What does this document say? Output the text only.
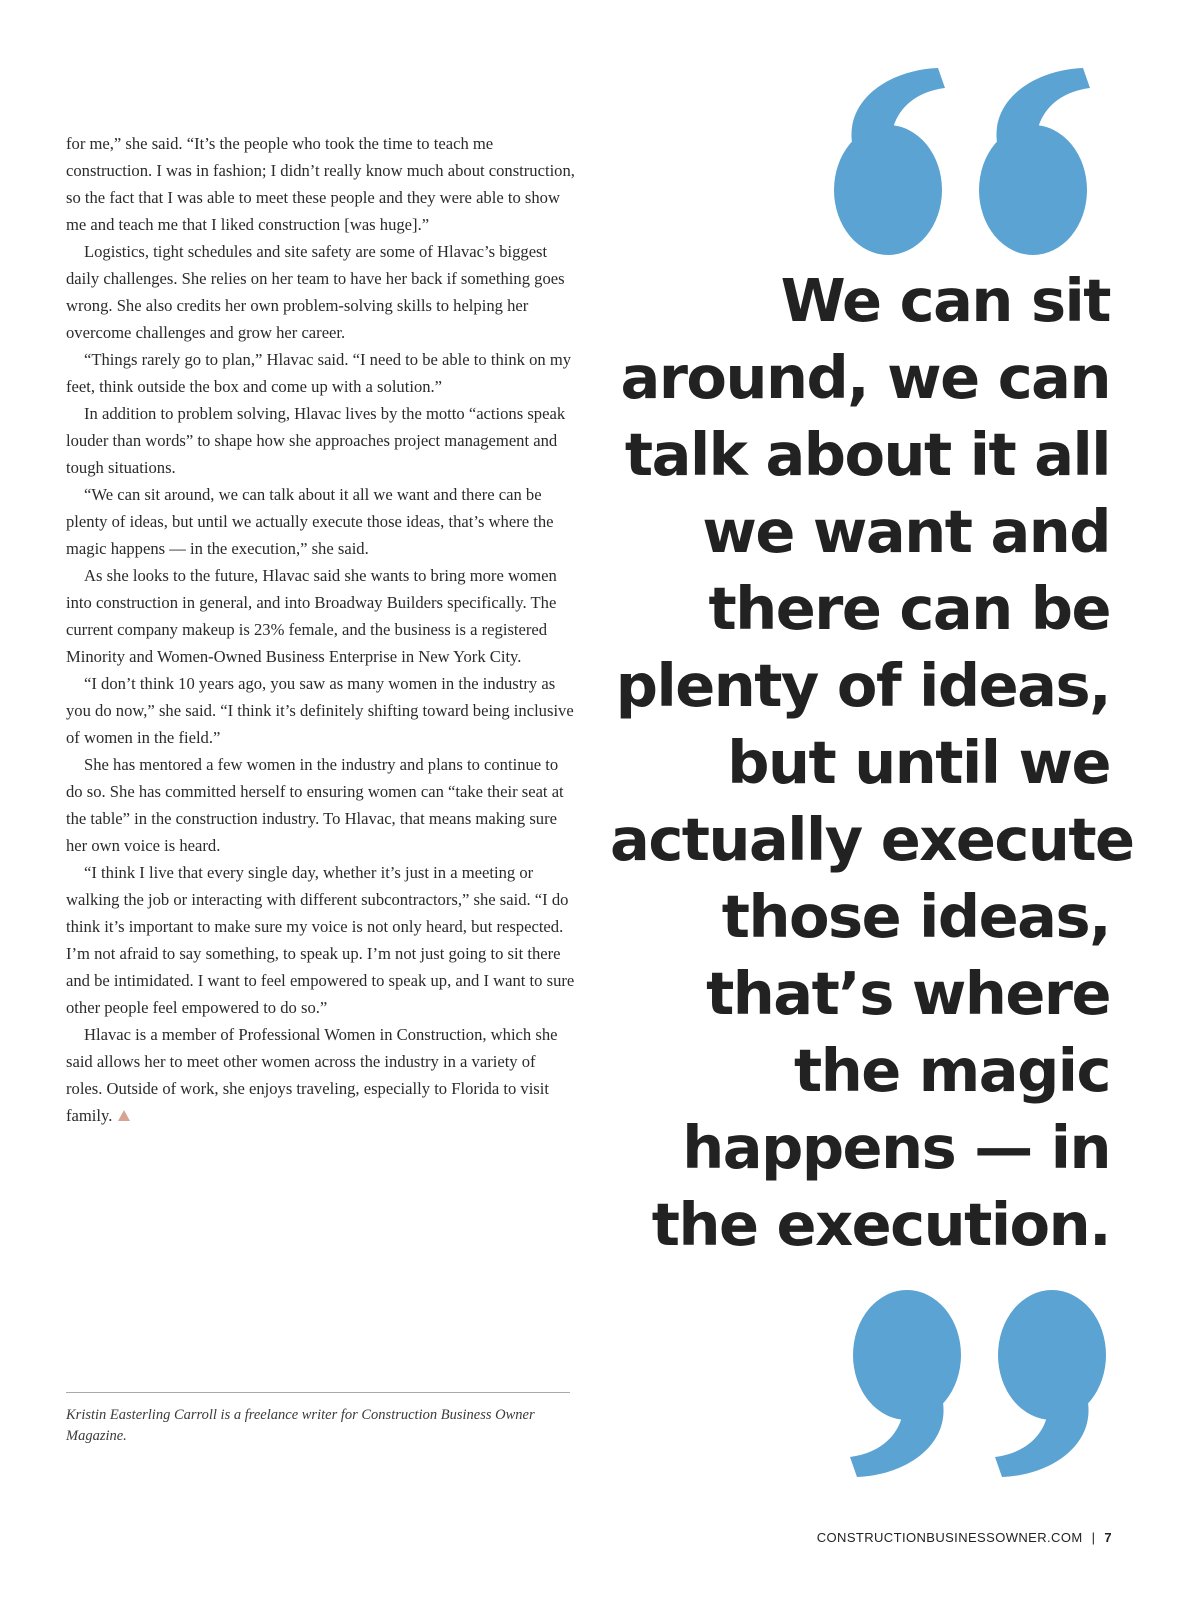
for me,” she said. “It’s the people who took the time to teach me construction. I was in fashion; I didn’t really know much about construction, so the fact that I was able to meet these people and they were able to show me and teach me that I liked construction [was huge].”

Logistics, tight schedules and site safety are some of Hlavac’s biggest daily challenges. She relies on her team to have her back if something goes wrong. She also credits her own problem-solving skills to helping her overcome challenges and grow her career.

“Things rarely go to plan,” Hlavac said. “I need to be able to think on my feet, think outside the box and come up with a solution.”

In addition to problem solving, Hlavac lives by the motto “actions speak louder than words” to shape how she approaches project management and tough situations.

“We can sit around, we can talk about it all we want and there can be plenty of ideas, but until we actually execute those ideas, that’s where the magic happens — in the execution,” she said.

As she looks to the future, Hlavac said she wants to bring more women into construction in general, and into Broadway Builders specifically. The current company makeup is 23% female, and the business is a registered Minority and Women-Owned Business Enterprise in New York City.

“I don’t think 10 years ago, you saw as many women in the industry as you do now,” she said. “I think it’s definitely shifting toward being inclusive of women in the field.”

She has mentored a few women in the industry and plans to continue to do so. She has committed herself to ensuring women can “take their seat at the table” in the construction industry. To Hlavac, that means making sure her own voice is heard.

“I think I live that every single day, whether it’s just in a meeting or walking the job or interacting with different subcontractors,” she said. “I do think it’s important to make sure my voice is not only heard, but respected. I’m not afraid to say something, to speak up. I’m not just going to sit there and be intimidated. I want to feel empowered to speak up, and I want to sure other people feel empowered to do so.”

Hlavac is a member of Professional Women in Construction, which she said allows her to meet other women across the industry in a variety of roles. Outside of work, she enjoys traveling, especially to Florida to visit family.

Kristin Easterling Carroll is a freelance writer for Construction Business Owner Magazine.
We can sit
around, we can
talk about it all
we want and
there can be
plenty of ideas,
but until we
actually execute
those ideas,
that’s where
the magic
happens — in
the execution.
CONSTRUCTIONBUSINESSOWNER.COM | 7
